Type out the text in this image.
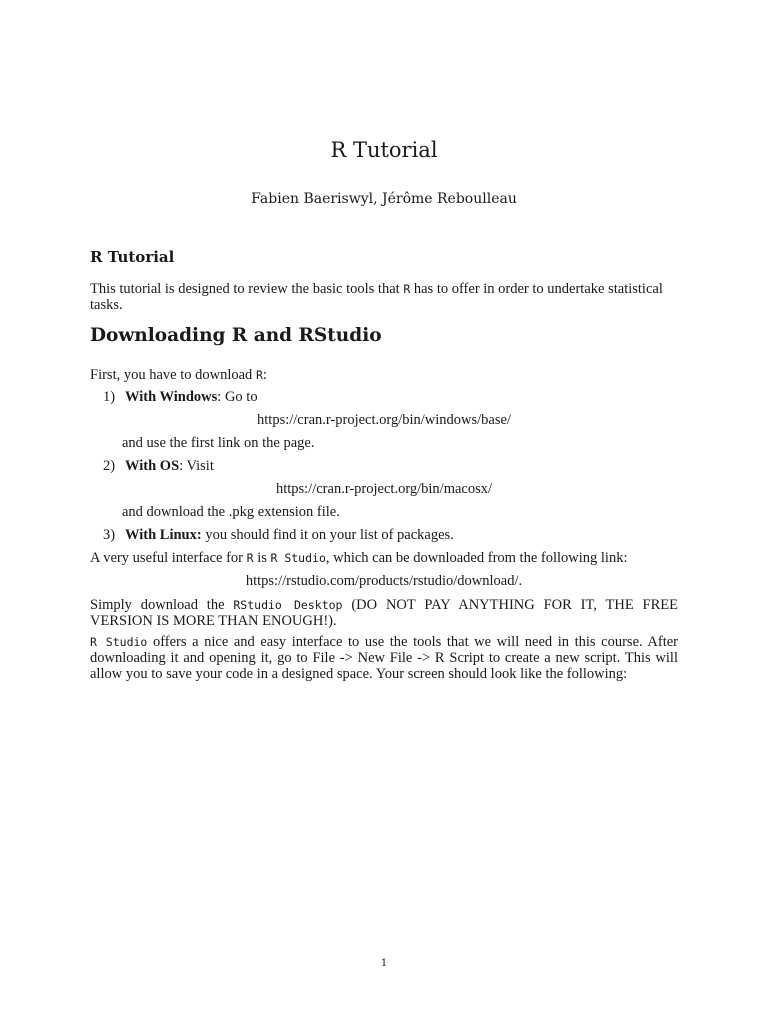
R Tutorial
Fabien Baeriswyl, Jérôme Reboulleau
R Tutorial
This tutorial is designed to review the basic tools that R has to offer in order to undertake statistical tasks.
Downloading R and RStudio
First, you have to download R:
1) With Windows: Go to
https://cran.r-project.org/bin/windows/base/
and use the first link on the page.
2) With OS: Visit
https://cran.r-project.org/bin/macosx/
and download the .pkg extension file.
3) With Linux: you should find it on your list of packages.
A very useful interface for R is R Studio, which can be downloaded from the following link:
https://rstudio.com/products/rstudio/download/.
Simply download the RStudio Desktop (DO NOT PAY ANYTHING FOR IT, THE FREE VERSION IS MORE THAN ENOUGH!).
R Studio offers a nice and easy interface to use the tools that we will need in this course. After downloading it and opening it, go to File -> New File -> R Script to create a new script. This will allow you to save your code in a designed space. Your screen should look like the following:
1
